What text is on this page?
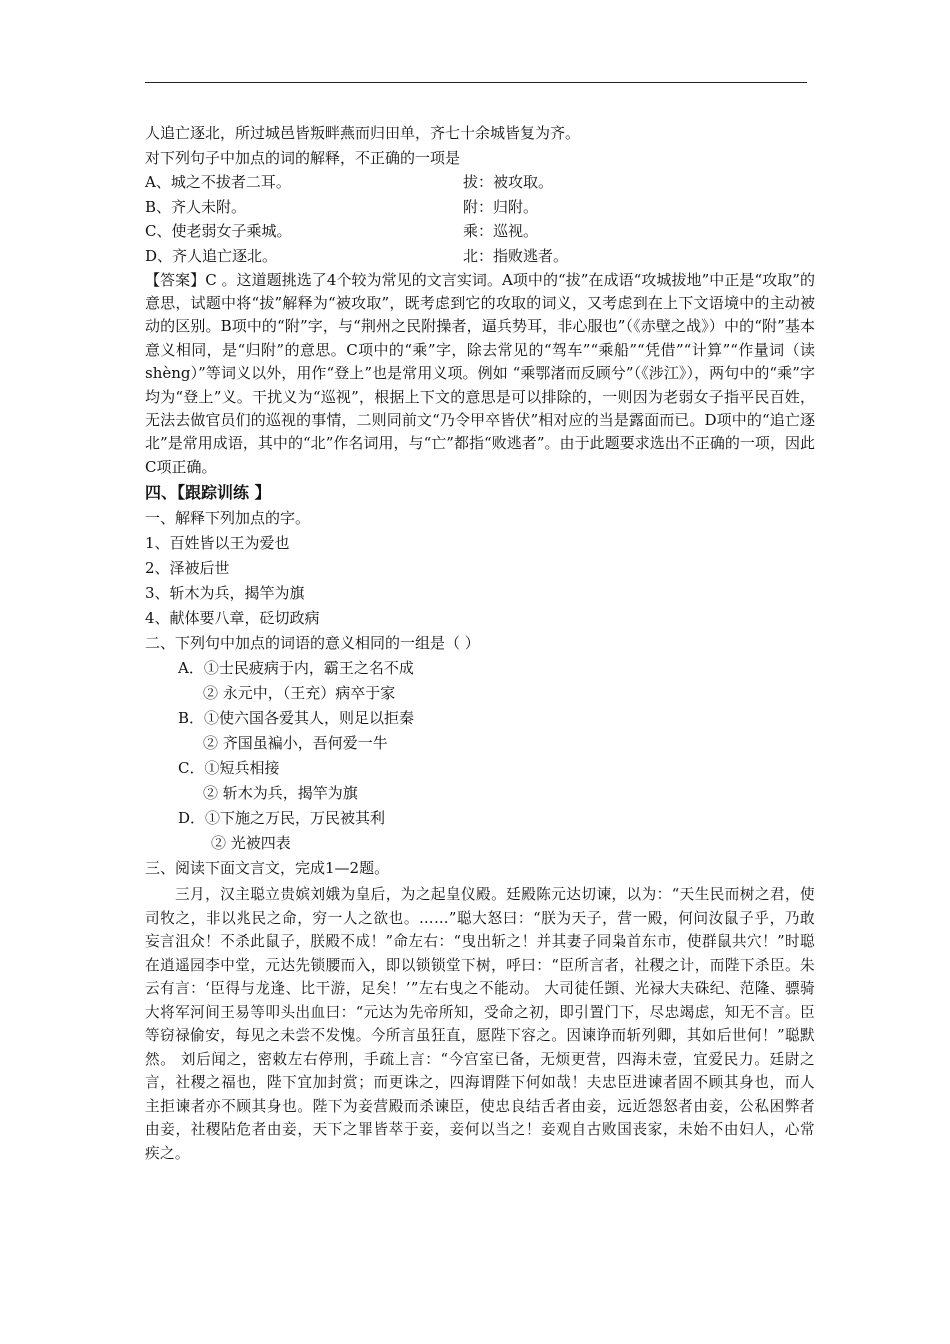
人追亡逐北，所过城邑皆叛畔燕而归田单，齐七十余城皆复为齐。
对下列句子中加点的词的解释，不正确的一项是
A、城之不拔者二耳。	拔：被攻取。
B、齐人未附。	附：归附。
C、使老弱女子乘城。	乘：巡视。
D、齐人追亡逐北。	北：指败逃者。

【答案】C 。这道题挑选了4个较为常见的文言实词。A项中的“拔”在成语“攻城拔地”中正是“攻取”的意思，试题中将“拔”解释为“被攻取”，既考虑到它的攻取的词义，又考虑到在上下文语境中的主动被动的区别。B项中的“附”字，与“荆州之民附操者，逼兵势耳，非心服也”（《赤壁之战》）中的“附”基本意义相同，是“归附”的意思。C项中的“乘”字，除去常见的“驾车”“乘船”“凭借”“计算”“作量词（读 shèng）”等词义以外，用作“登上”也是常用义项。例如 “乘鄂渚而反顾兮”（《涉江》），两句中的“乘”字均为“登上”义。干扰义为“巡视”，根据上下文的意思是可以排除的，一则因为老弱女子指平民百姓，无法去做官员们的巡视的事情，二则同前文“乃令甲卒皆伏”相对应的当是露面而已。D项中的“追亡逐北”是常用成语，其中的“北”作名词用，与“亡”都指“败逃者”。由于此题要求选出不正确的一项，因此C项正确。

四、【跟踪训练 】
一、解释下列加点的字。
1、百姓皆以王为爱也
2、泽被后世
3、斩木为兵，揭竿为旗
4、献体要八章，砭切政病
二、下列句中加点的词语的意义相同的一组是（ ）
A．①士民疲病于内，霸王之名不成
② 永元中，（王充）病卒于家
B．①使六国各爱其人，则足以拒秦
② 齐国虽褊小，吾何爱一牛
C．①短兵相接
② 斩木为兵，揭竿为旗
D．①下施之万民，万民被其利
② 光被四表
三、阅读下面文言文，完成1—2题。

三月，汉主聪立贵嫔刘娥为皇后，为之起皇仪殿。廷殿陈元达切谏，以为：“天生民而树之君，使司牧之，非以兆民之命，穷一人之欲也。……”聪大怒曰：“朕为天子，营一殿，何问汝鼠子乎，乃敢妄言沮众！不杀此鼠子，朕殿不成！”命左右：“曳出斩之！并其妻子同枭首东市，使群鼠共穴！”时聪在逍遥园李中堂，元达先锁腰而入，即以锁锁堂下树，呼曰：“臣所言者，社稷之计，而陛下杀臣。朱云有言：‘臣得与龙逢、比干游，足矣！’”左右曳之不能动。 大司徒任顗、光禄大夫硃纪、范隆、骠骑大将军河间王易等叩头出血曰：“元达为先帝所知，受命之初，即引置门下，尽忠竭虑，知无不言。臣等窃禄偷安，每见之未尝不发愧。今所言虽狂直，愿陛下容之。因谏诤而斩列卿，其如后世何！”聪默然。 刘后闻之，密敕左右停刑，手疏上言：“今宫室已备，无烦更营，四海未壹，宜爱民力。廷尉之言，社稷之福也，陛下宜加封赏；而更诛之，四海谓陛下何如哉！夫忠臣进谏者固不顾其身也，而人主拒谏者亦不顾其身也。陛下为妾营殿而杀谏臣，使忠良结舌者由妾，远近怨怒者由妾，公私困弊者由妾，社稷阽危者由妾，天下之罪皆萃于妾，妾何以当之！妾观自古败国丧家，未始不由妇人，心常疾之。
